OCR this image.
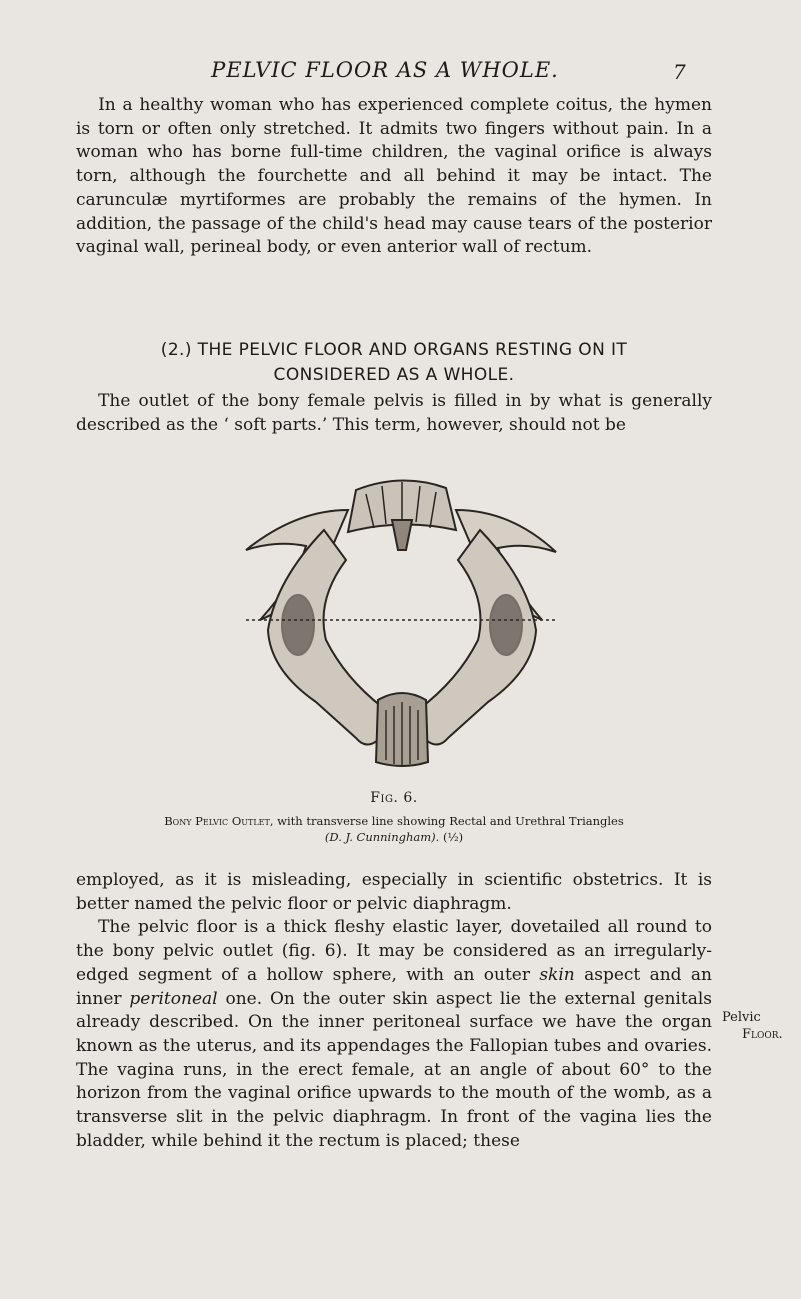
PELVIC FLOOR AS A WHOLE.	7

In a healthy woman who has experienced complete coitus, the hymen is torn or often only stretched. It admits two fingers without pain. In a woman who has borne full-time children, the vaginal orifice is always torn, although the fourchette and all behind it may be intact. The carunculæ myrtiformes are probably the remains of the hymen. In addition, the passage of the child's head may cause tears of the posterior vaginal wall, perineal body, or even anterior wall of rectum.

(2.) THE PELVIC FLOOR AND ORGANS RESTING ON IT
CONSIDERED AS A WHOLE.

The outlet of the bony female pelvis is filled in by what is generally described as the ‘ soft parts.’ This term, however, should not be

Fig. 6.
Bony Pelvic Outlet, with transverse line showing Rectal and Urethral Triangles
(D. J. Cunningham). (½)

employed, as it is misleading, especially in scientific obstetrics. It is better named the pelvic floor or pelvic diaphragm.

The pelvic floor is a thick fleshy elastic layer, dovetailed all round to the bony pelvic outlet (fig. 6). It may be considered as an irregularly-edged segment of a hollow sphere, with an outer skin aspect and an inner peritoneal one. On the outer skin aspect lie the external genitals already described. On the inner peritoneal surface we have the organ known as the uterus, and its appendages the Fallopian tubes and ovaries. The vagina runs, in the erect female, at an angle of about 60° to the horizon from the vaginal orifice upwards to the mouth of the womb, as a transverse slit in the pelvic diaphragm. In front of the vagina lies the bladder, while behind it the rectum is placed; these

Pelvic
Floor.
